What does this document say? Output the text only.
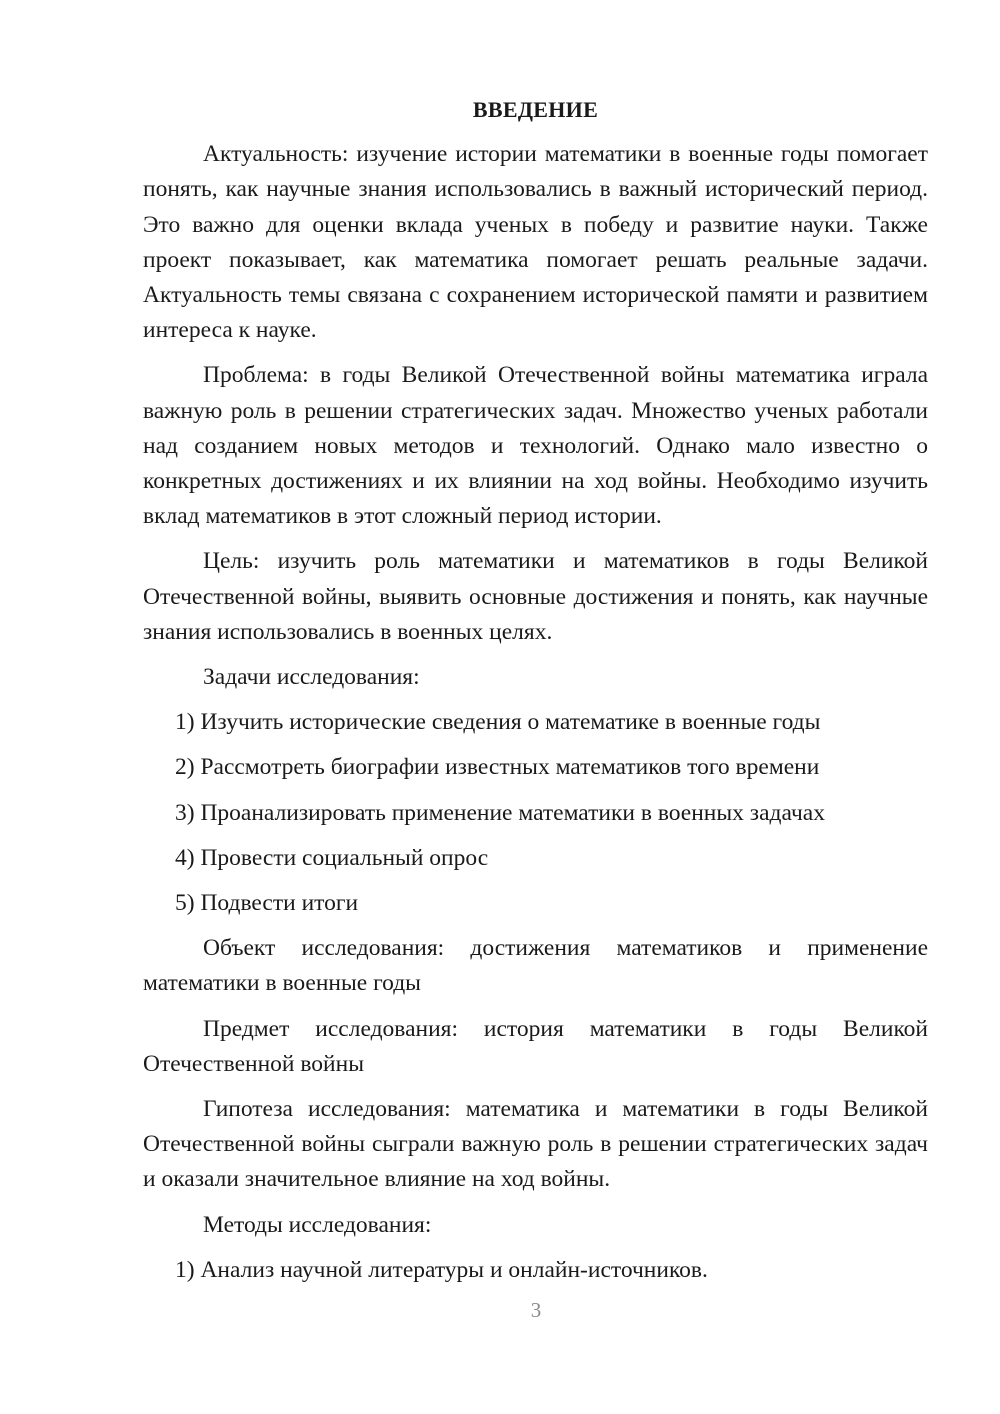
ВВЕДЕНИЕ

Актуальность: изучение истории математики в военные годы помогает понять, как научные знания использовались в важный исторический период. Это важно для оценки вклада ученых в победу и развитие науки. Также проект показывает, как математика помогает решать реальные задачи. Актуальность темы связана с сохранением исторической памяти и развитием интереса к науке.

Проблема: в годы Великой Отечественной войны математика играла важную роль в решении стратегических задач. Множество ученых работали над созданием новых методов и технологий. Однако мало известно о конкретных достижениях и их влиянии на ход войны. Необходимо изучить вклад математиков в этот сложный период истории.

Цель: изучить роль математики и математиков в годы Великой Отечественной войны, выявить основные достижения и понять, как научные знания использовались в военных целях.

Задачи исследования:

1) Изучить исторические сведения о математике в военные годы
2) Рассмотреть биографии известных математиков того времени
3) Проанализировать применение математики в военных задачах
4) Провести социальный опрос
5) Подвести итоги

Объект исследования: достижения математиков и применение математики в военные годы

Предмет исследования: история математики в годы Великой Отечественной войны

Гипотеза исследования: математика и математики в годы Великой Отечественной войны сыграли важную роль в решении стратегических задач и оказали значительное влияние на ход войны.

Методы исследования:

1) Анализ научной литературы и онлайн-источников.
3
